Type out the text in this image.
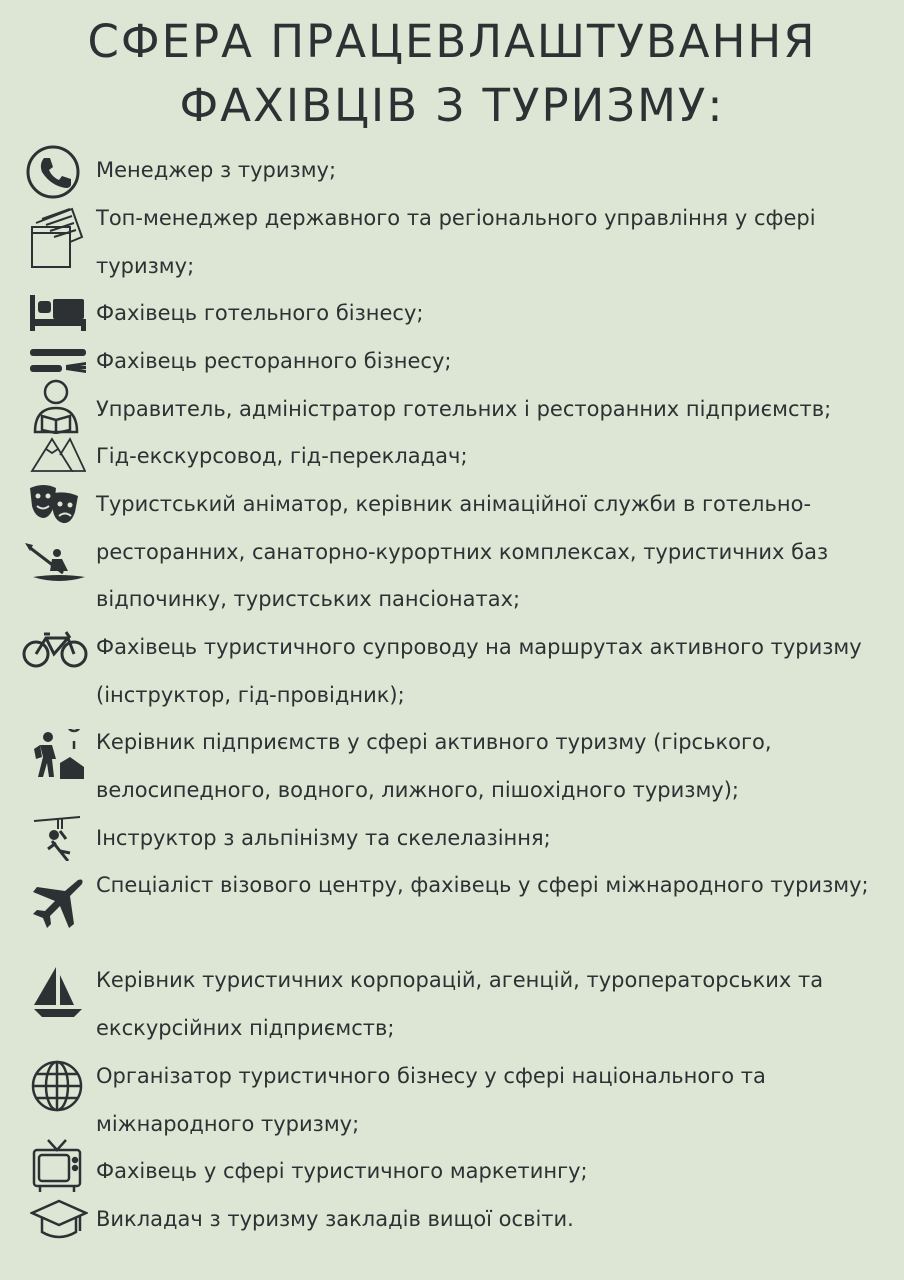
СФЕРА ПРАЦЕВЛАШТУВАННЯ
ФАХІВЦІВ З ТУРИЗМУ:
Менеджер з туризму;
Топ-менеджер державного та регіонального управління у сфері туризму;
Фахівець готельного бізнесу;
Фахівець ресторанного бізнесу;
Управитель, адміністратор готельних і ресторанних підприємств;
Гід-екскурсовод, гід-перекладач;
Туристський аніматор, керівник анімаційної служби в готельно-ресторанних, санаторно-курортних комплексах, туристичних баз відпочинку, туристських пансіонатах;
Фахівець туристичного супроводу на маршрутах активного туризму (інструктор, гід-провідник);
Керівник підприємств у сфері активного туризму (гірського, велосипедного, водного, лижного, пішохідного туризму);
Інструктор з альпінізму та скелелазіння;
Спеціаліст візового центру, фахівець у сфері міжнародного туризму;
Керівник туристичних корпорацій, агенцій, туроператорських та екскурсійних підприємств;
Організатор туристичного бізнесу у сфері національного та міжнародного туризму;
Фахівець у сфері туристичного маркетингу;
Викладач з туризму закладів вищої освіти.
